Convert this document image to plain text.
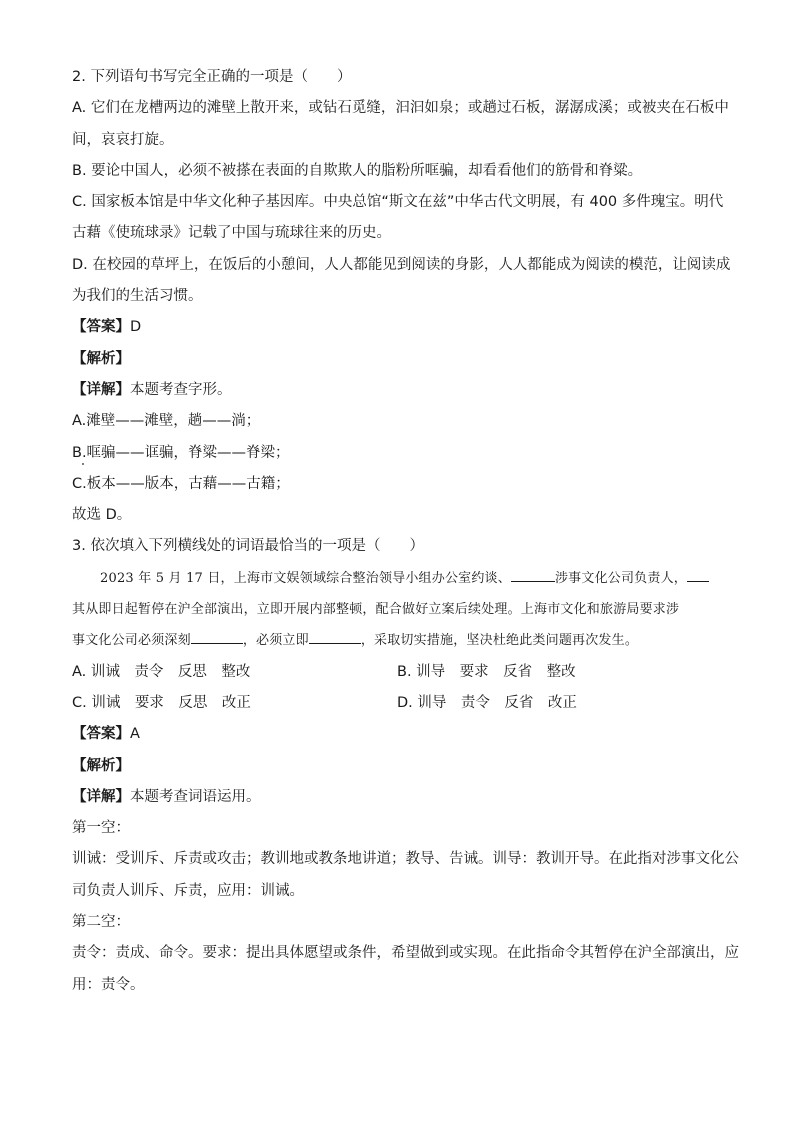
2. 下列语句书写完全正确的一项是（　　）
A. 它们在龙槽两边的滩壁上散开来，或钻石觅缝，汩汩如泉；或趟过石板，潺潺成溪；或被夹在石板中
间，哀哀打旋。
B. 要论中国人，必须不被搽在表面的自欺欺人的脂粉所哐骗，却看看他们的筋骨和脊粱。
C. 国家板本馆是中华文化种子基因库。中央总馆“斯文在兹”中华古代文明展，有 400 多件瑰宝。明代
古藉《使琉球录》记载了中国与琉球往来的历史。
D. 在校园的草坪上，在饭后的小憩间，人人都能见到阅读的身影，人人都能成为阅读的模范，让阅读成
为我们的生活习惯。
【答案】D
【解析】
【详解】本题考查字形。
A.滩壁——滩壁，趟——淌；
B.哐骗——诓骗，脊粱——脊梁；
C.板本——版本，古藉——古籍；
故选 D。
3. 依次填入下列横线处的词语最恰当的一项是（　　）
2023 年 5 月 17 日，上海市文娱领域综合整治领导小组办公室约谈、	涉事文化公司负责人，
其从即日起暂停在沪全部演出，立即开展内部整顿，配合做好立案后续处理。上海市文化和旅游局要求涉
事文化公司必须深刻	，必须立即	，采取切实措施，坚决杜绝此类问题再次发生。
A. 训诫　责令　反思　整改	B. 训导　要求　反省　整改
C. 训诫　要求　反思　改正	D. 训导　责令　反省　改正
【答案】A
【解析】
【详解】本题考查词语运用。
第一空：
训诫：受训斥、斥责或攻击；教训地或教条地讲道；教导、告诫。训导：教训开导。在此指对涉事文化公
司负责人训斥、斥责，应用：训诫。
第二空：
责令：责成、命令。要求：提出具体愿望或条件，希望做到或实现。在此指命令其暂停在沪全部演出，应
用：责令。
